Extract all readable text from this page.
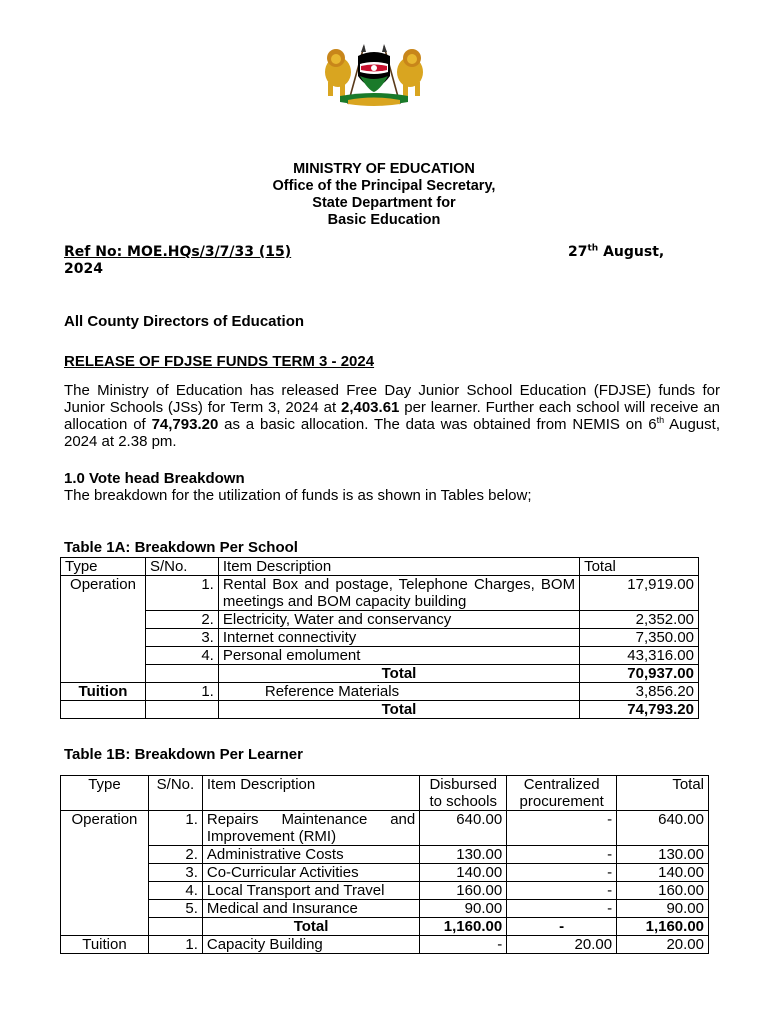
MINISTRY OF EDUCATION
Office of the Principal Secretary,
State Department for
Basic Education
Ref No: MOE.HQs/3/7/33 (15)	27th August,
2024
All County Directors of Education
RELEASE OF FDJSE FUNDS TERM 3 - 2024
The Ministry of Education has released Free Day Junior School Education (FDJSE) funds for Junior Schools (JSs) for Term 3, 2024 at 2,403.61 per learner. Further each school will receive an allocation of 74,793.20 as a basic allocation. The data was obtained from NEMIS on 6th August, 2024 at 2.38 pm.
1.0 Vote head Breakdown
The breakdown for the utilization of funds is as shown in Tables below;
Table 1A: Breakdown Per School
Type	S/No.	Item Description	Total
Operation	1.	Rental Box and postage, Telephone Charges, BOM meetings and BOM capacity building	17,919.00
	2.	Electricity, Water and conservancy	2,352.00
	3.	Internet connectivity	7,350.00
	4.	Personal emolument	43,316.00
		Total	70,937.00
Tuition	1.	Reference Materials	3,856.20
		Total	74,793.20
Table 1B: Breakdown Per Learner
Type	S/No.	Item Description	Disbursed to schools	Centralized procurement	Total
Operation	1.	Repairs Maintenance and Improvement (RMI)	640.00	-	640.00
	2.	Administrative Costs	130.00	-	130.00
	3.	Co-Curricular Activities	140.00	-	140.00
	4.	Local Transport and Travel	160.00	-	160.00
	5.	Medical and Insurance	90.00	-	90.00
		Total	1,160.00	-	1,160.00
Tuition	1.	Capacity Building	-	20.00	20.00
